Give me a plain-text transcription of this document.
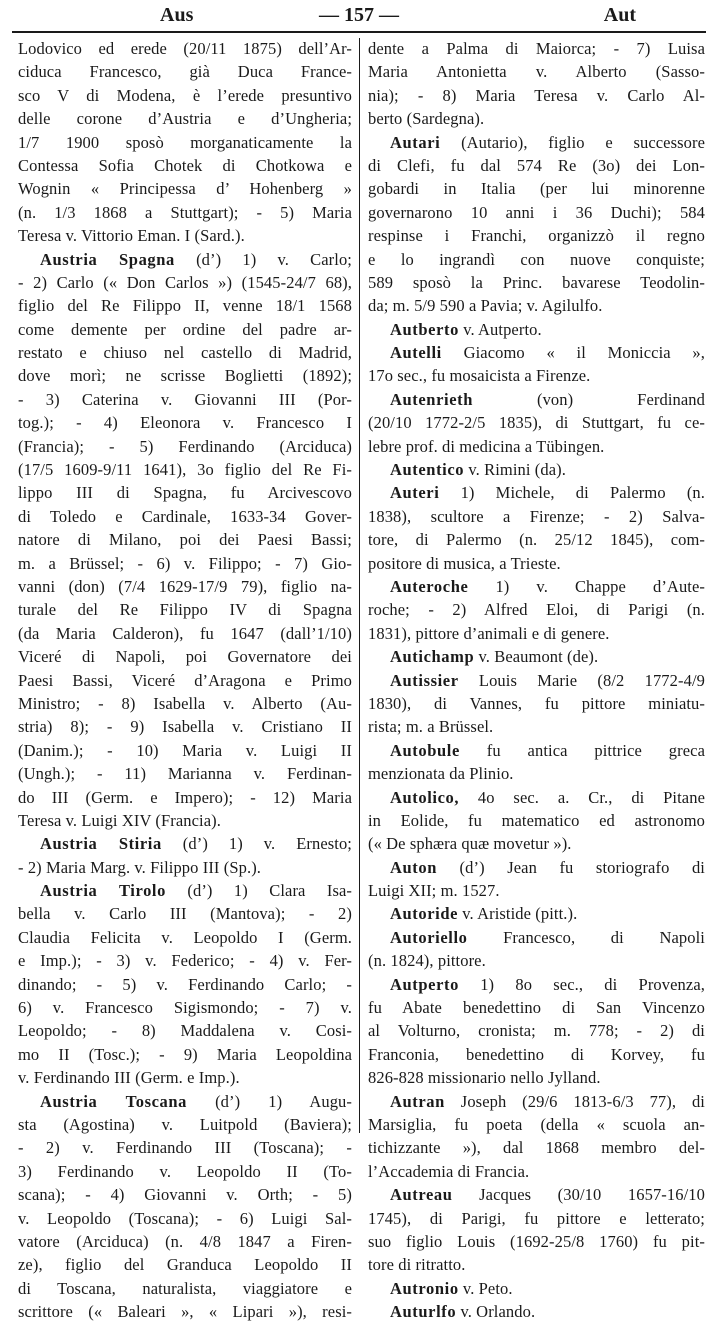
Aus	— 157 —	Aut
Lodovico ed erede (20/11 1875) dell’Ar-
ciduca Francesco, già Duca France-
sco V di Modena, è l’erede presuntivo
delle corone d’Austria e d’Ungheria;
1/7 1900 sposò morganaticamente la
Contessa Sofia Chotek di Chotkowa e
Wognin « Principessa d’ Hohenberg »
(n. 1/3 1868 a Stuttgart); - 5) Maria
Teresa v. Vittorio Eman. I (Sard.).
Austria Spagna (d’) 1) v. Carlo;
- 2) Carlo (« Don Carlos ») (1545-24/7 68),
figlio del Re Filippo II, venne 18/1 1568
come demente per ordine del padre ar-
restato e chiuso nel castello di Madrid,
dove morì; ne scrisse Boglietti (1892);
- 3) Caterina v. Giovanni III (Por-
tog.); - 4) Eleonora v. Francesco I
(Francia); - 5) Ferdinando (Arciduca)
(17/5 1609-9/11 1641), 3o figlio del Re Fi-
lippo III di Spagna, fu Arcivescovo
di Toledo e Cardinale, 1633-34 Gover-
natore di Milano, poi dei Paesi Bassi;
m. a Brüssel; - 6) v. Filippo; - 7) Gio-
vanni (don) (7/4 1629-17/9 79), figlio na-
turale del Re Filippo IV di Spagna
(da Maria Calderon), fu 1647 (dall’1/10)
Viceré di Napoli, poi Governatore dei
Paesi Bassi, Viceré d’Aragona e Primo
Ministro; - 8) Isabella v. Alberto (Au-
stria) 8); - 9) Isabella v. Cristiano II
(Danim.); - 10) Maria v. Luigi II
(Ungh.); - 11) Marianna v. Ferdinan-
do III (Germ. e Impero); - 12) Maria
Teresa v. Luigi XIV (Francia).
Austria Stiria (d’) 1) v. Ernesto;
- 2) Maria Marg. v. Filippo III (Sp.).
Austria Tirolo (d’) 1) Clara Isa-
bella v. Carlo III (Mantova); - 2)
Claudia Felicita v. Leopoldo I (Germ.
e Imp.); - 3) v. Federico; - 4) v. Fer-
dinando; - 5) v. Ferdinando Carlo; -
6) v. Francesco Sigismondo; - 7) v.
Leopoldo; - 8) Maddalena v. Cosi-
mo II (Tosc.); - 9) Maria Leopoldina
v. Ferdinando III (Germ. e Imp.).
Austria Toscana (d’) 1) Augu-
sta (Agostina) v. Luitpold (Baviera);
- 2) v. Ferdinando III (Toscana); -
3) Ferdinando v. Leopoldo II (To-
scana); - 4) Giovanni v. Orth; - 5)
v. Leopoldo (Toscana); - 6) Luigi Sal-
vatore (Arciduca) (n. 4/8 1847 a Firen-
ze), figlio del Granduca Leopoldo II
di Toscana, naturalista, viaggiatore e
scrittore (« Baleari », « Lipari »), resi-
dente a Palma di Maiorca; - 7) Luisa
Maria Antonietta v. Alberto (Sasso-
nia); - 8) Maria Teresa v. Carlo Al-
berto (Sardegna).
Autari (Autario), figlio e successore
di Clefi, fu dal 574 Re (3o) dei Lon-
gobardi in Italia (per lui minorenne
governarono 10 anni i 36 Duchi); 584
respinse i Franchi, organizzò il regno
e lo ingrandì con nuove conquiste;
589 sposò la Princ. bavarese Teodolin-
da; m. 5/9 590 a Pavia; v. Agilulfo.
Autberto v. Autperto.
Autelli Giacomo « il Moniccia »,
17o sec., fu mosaicista a Firenze.
Autenrieth	(von) Ferdinand
(20/10 1772-2/5 1835), di Stuttgart, fu ce-
lebre prof. di medicina a Tübingen.
Autentico v. Rimini (da).
Auteri 1) Michele, di Palermo (n.
1838), scultore a Firenze; - 2) Salva-
tore, di Palermo (n. 25/12 1845), com-
positore di musica, a Trieste.
Auteroche 1) v. Chappe d’Aute-
roche; - 2) Alfred Eloi, di Parigi (n.
1831), pittore d’animali e di genere.
Autichamp v. Beaumont (de).
Autissier Louis Marie (8/2 1772-4/9
1830), di Vannes, fu pittore miniatu-
rista; m. a Brüssel.
Autobule fu antica pittrice greca
menzionata da Plinio.
Autolico, 4o sec. a. Cr., di Pitane
in Eolide, fu matematico ed astronomo
(« De sphæra quæ movetur »).
Auton (d’) Jean fu storiografo di
Luigi XII; m. 1527.
Autoride v. Aristide (pitt.).
Autoriello Francesco, di Napoli
(n. 1824), pittore.
Autperto 1) 8o sec., di Provenza,
fu Abate benedettino di San Vincenzo
al Volturno, cronista; m. 778; - 2) di
Franconia, benedettino di Korvey, fu
826-828 missionario nello Jylland.
Autran Joseph (29/6 1813-6/3 77), di
Marsiglia, fu poeta (della « scuola an-
tichizzante »), dal 1868 membro del-
l’Accademia di Francia.
Autreau Jacques (30/10 1657-16/10
1745), di Parigi, fu pittore e letterato;
suo figlio Louis (1692-25/8 1760) fu pit-
tore di ritratto.
Autronio v. Peto.
Auturlfo v. Orlando.
